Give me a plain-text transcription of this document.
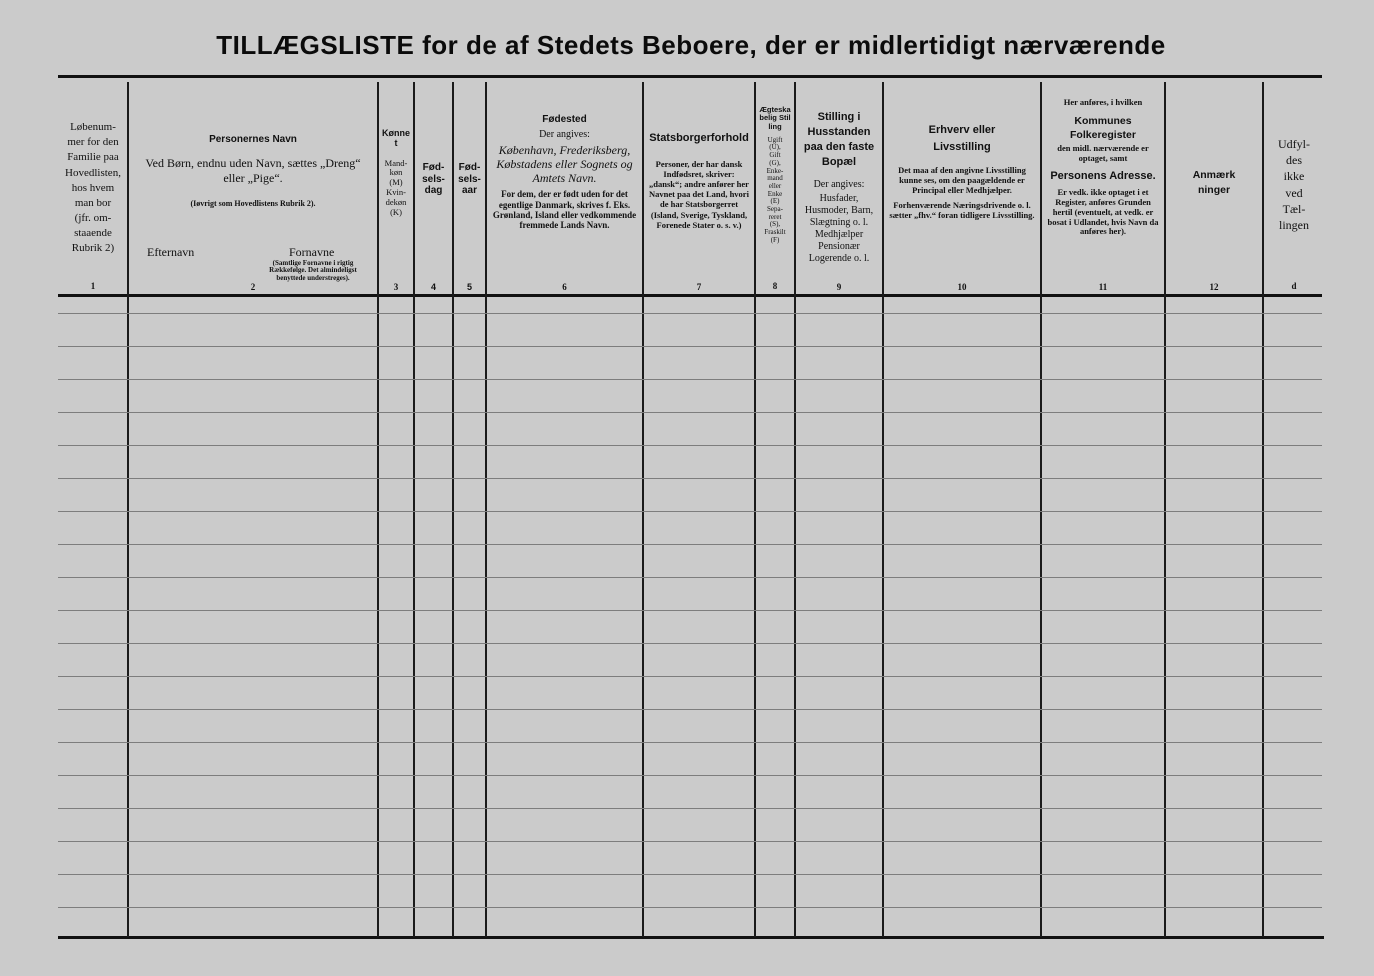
TILLÆGSLISTE for de af Stedets Beboere, der er midlertidigt nærværende
Løbenum-
mer for den
Familie paa
Hovedlisten,
hos hvem
man bor
(jfr. om-
staaende
Rubrik 2)
1
Personernes Navn
Ved Børn, endnu uden Navn, sættes „Dreng“ eller „Pige“.
(Iøvrigt som Hovedlistens Rubrik 2).
Efternavn	Fornavne
(Samtlige Fornavne i rigtig Rækkefølge. Det almindeligst benyttede understreges).
2
Kønnet
Mand-
køn
(M)
Kvin-
dekøn
(K)
3
Fød-
sels-
dag
4
Fød-
sels-
aar
5
Fødested
Der angives:
København, Frederiksberg, Købstadens eller Sognets og Amtets Navn.
For dem, der er født uden for det egentlige Danmark, skrives f. Eks. Grønland, Island eller vedkommende fremmede Lands Navn.
6
Statsborgerforhold
Personer, der har dansk Indfødsret, skriver: „dansk“; andre anfører her Navnet paa det Land, hvori de har Statsborgerret (Island, Sverige, Tyskland, Forenede Stater o. s. v.)
7
Ægteskabelig Stilling
Ugift
(U),
Gift
(G),
Enke-
mand
eller
Enke
(E)
Sepa-
reret
(S),
Fraskilt
(F)
8
Stilling i Husstanden paa den faste Bopæl
Der angives:
Husfader, Husmoder, Barn, Slægtning o. l. Medhjælper Pensionær Logerende o. l.
9
Erhverv eller Livsstilling
Det maa af den angivne Livsstilling kunne ses, om den paagældende er Principal eller Medhjælper.
Forhenværende Næringsdrivende o. l. sætter „fhv.“ foran tidligere Livsstilling.
10
Her anføres, i hvilken
Kommunes Folkeregister
den midl. nærværende er optaget, samt
Personens Adresse.
Er vedk. ikke optaget i et Register, anføres Grunden hertil (eventuelt, at vedk. er bosat i Udlandet, hvis Navn da anføres her).
11
Anmærkninger
12
Udfyl-
des
ikke
ved
Tæl-
lingen
d
